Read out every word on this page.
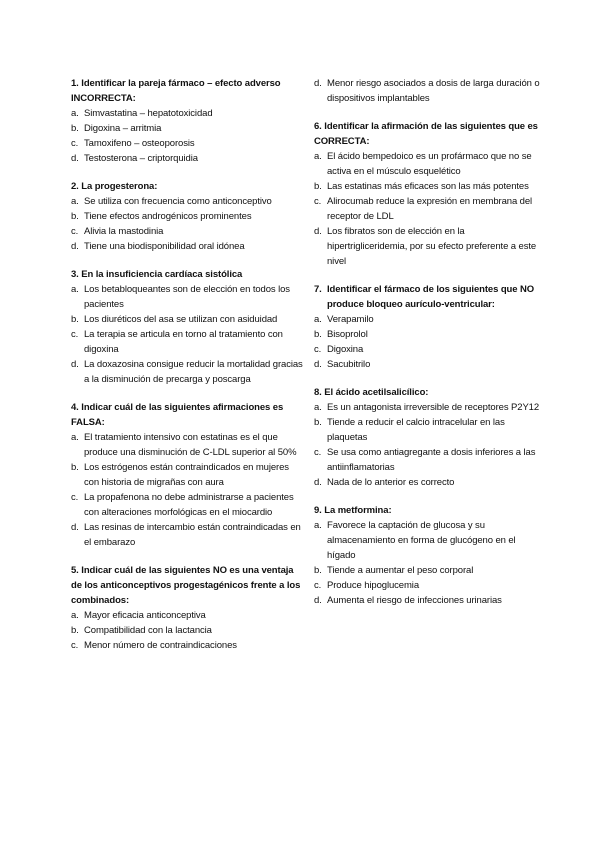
1. Identificar la pareja fármaco – efecto adverso INCORRECTA:
a. Simvastatina – hepatotoxicidad
b. Digoxina – arritmia
c. Tamoxifeno – osteoporosis
d. Testosterona – criptorquidia
2. La progesterona:
a. Se utiliza con frecuencia como anticonceptivo
b. Tiene efectos androgénicos prominentes
c. Alivia la mastodinia
d. Tiene una biodisponibilidad oral idónea
3. En la insuficiencia cardíaca sistólica
a. Los betabloqueantes son de elección en todos los pacientes
b. Los diuréticos del asa se utilizan con asiduidad
c. La terapia se articula en torno al tratamiento con digoxina
d. La doxazosina consigue reducir la mortalidad gracias a la disminución de precarga y poscarga
4. Indicar cuál de las siguientes afirmaciones es FALSA:
a. El tratamiento intensivo con estatinas es el que produce una disminución de C-LDL superior al 50%
b. Los estrógenos están contraindicados en mujeres con historia de migrañas con aura
c. La propafenona no debe administrarse a pacientes con alteraciones morfológicas en el miocardio
d. Las resinas de intercambio están contraindicadas en el embarazo
5. Indicar cuál de las siguientes NO es una ventaja de los anticonceptivos progestagénicos frente a los combinados:
a. Mayor eficacia anticonceptiva
b. Compatibilidad con la lactancia
c. Menor número de contraindicaciones
d. Menor riesgo asociados a dosis de larga duración o dispositivos implantables
6. Identificar la afirmación de las siguientes que es CORRECTA:
a. El ácido bempedoico es un profármaco que no se activa en el músculo esquelético
b. Las estatinas más eficaces son las más potentes
c. Alirocumab reduce la expresión en membrana del receptor de LDL
d. Los fibratos son de elección en la hipertrigliceridemia, por su efecto preferente a este nivel
7. Identificar el fármaco de los siguientes que NO produce bloqueo aurículo-ventricular:
a. Verapamilo
b. Bisoprolol
c. Digoxina
d. Sacubitrilo
8. El ácido acetilsalicílico:
a. Es un antagonista irreversible de receptores P2Y12
b. Tiende a reducir el calcio intracelular en las plaquetas
c. Se usa como antiagregante a dosis inferiores a las antiinflamatorias
d. Nada de lo anterior es correcto
9. La metformina:
a. Favorece la captación de glucosa y su almacenamiento en forma de glucógeno en el hígado
b. Tiende a aumentar el peso corporal
c. Produce hipoglucemia
d. Aumenta el riesgo de infecciones urinarias
